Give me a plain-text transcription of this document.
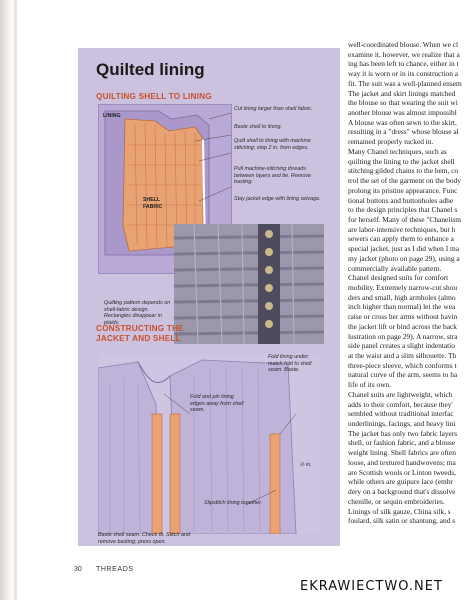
Quilted lining
QUILTING SHELL TO LINING
LINING
SHELL
FABRIC
Cut lining larger than shell fabric.
Baste shell to lining.
Quilt shell to lining with machine stitching; stop 2 in. from edges.
Pull machine-stitching threads between layers and tie. Remove basting.
Stay jacket edge with lining selvage.
Quilting pattern depends on shell-fabric design. Rectangles disappear in plaids.
CONSTRUCTING THE
JACKET AND SHELL
Fold and pin lining edges away from shell seam.
Fold lining under; match fold to shell seam. Baste.
½ in.
Slipstitch lining together.
Baste shell seam. Check fit. Stitch and remove basting; press open.

well-coordinated blouse. When we cl

examine it, however, we realize that a

ing has been left to chance, either in t

way it is worn or in its construction a

fit. The suit was a well-planned ensem

The jacket and skirt linings matched

the blouse so that wearing the suit wi

another blouse was almost impossibl

A blouse was often sewn to the skirt,

resulting in a "dress" whose blouse al

remained properly tucked in.

Many Chanel techniques, such as

quilting the lining to the jacket shell

stitching gilded chains to the hem, co

trol the set of the garment on the body

prolong its pristine appearance. Func

tional buttons and buttonholes adhe

to the design principles that Chanel s

for herself. Many of these "Chanelism

are labor-intensive techniques, but h

sewers can apply them to enhance a

special jacket, just as I did when I ma

my jacket (photo on page 29), using a

commercially available pattern.

Chanel designed suits for comfort

mobility. Extremely narrow-cut shou

ders and small, high armholes (almo

inch higher than normal) let the wea

raise or cross her arms without havin

the jacket lift or bind across the back

lustration on page 29). A narrow, stra

side panel creates a slight indentatio

at the waist and a slim silhouette. Th

three-piece sleeve, which conforms t

natural curve of the arm, seems to ha

life of its own.

Chanel suits are lightweight, which

adds to their comfort, because they'

sembled without traditional interfac

underlinings, facings, and heavy lini

The jacket has only two fabric layers

shell, or fashion fabric, and a blouse

weight lining. Shell fabrics are often

loose, and textured handwovens; ma

are Scottish wools or Linton tweeds,

while others are guipure lace (embr

dery on a background that's dissolve

chenille, or sequin embroideries.

Linings of silk gauze, China silk, s

foulard, silk satin or shantung, and s

30 THREADS
EKRAWIECTWO.NET
